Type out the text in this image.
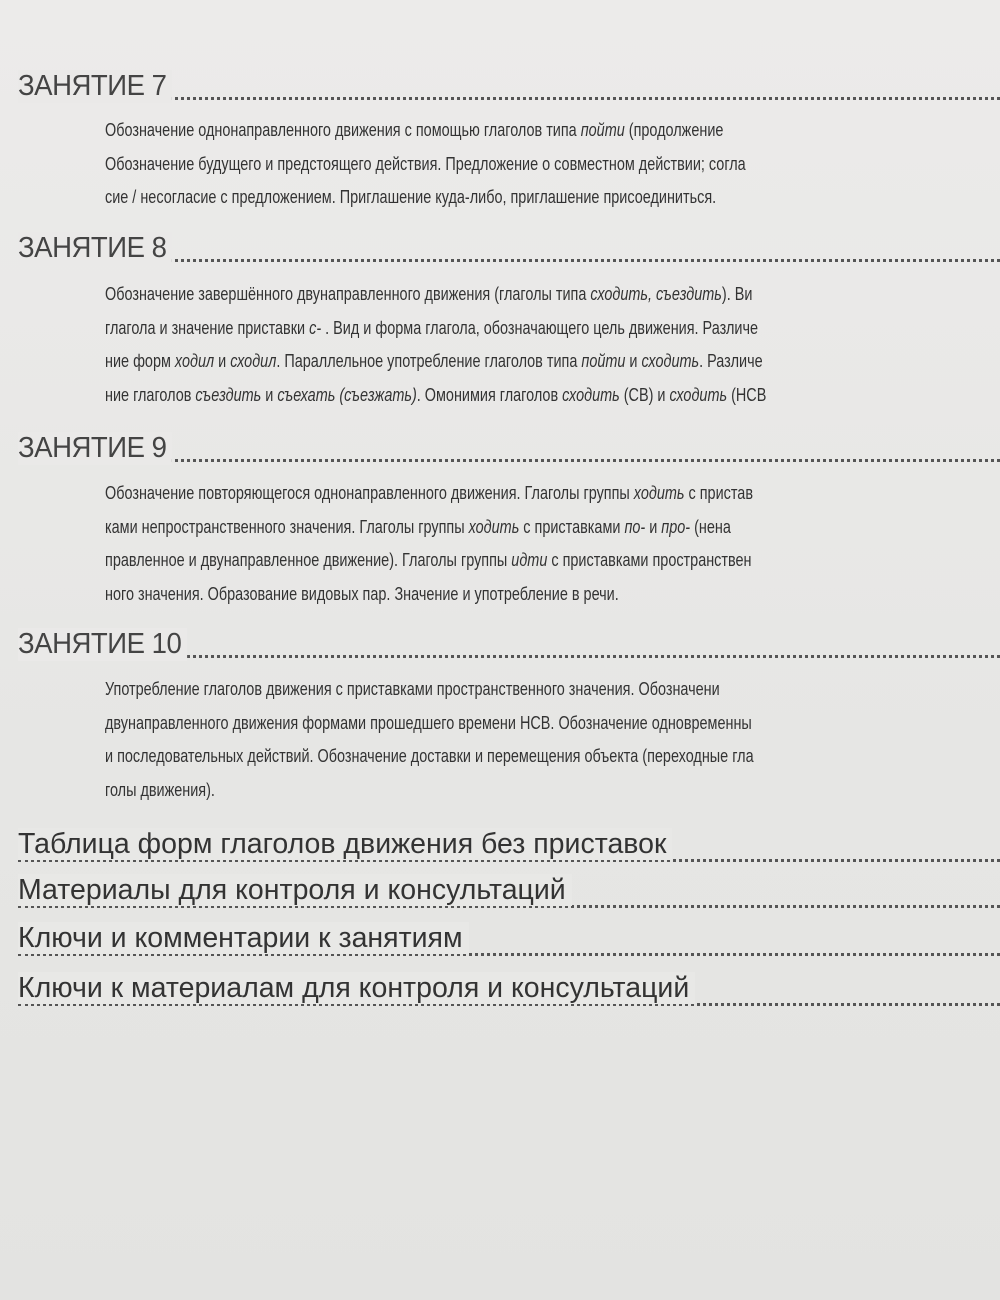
ЗАНЯТИЕ 7
Обозначение однонаправленного движения с помощью глаголов типа пойти (продолжение
Обозначение будущего и предстоящего действия. Предложение о совместном действии; согла
сие / несогласие с предложением. Приглашение куда-либо, приглашение присоединиться.
ЗАНЯТИЕ 8
Обозначение завершённого двунаправленного движения (глаголы типа сходить, съездить). Ви
глагола и значение приставки с- . Вид и форма глагола, обозначающего цель движения. Различе
ние форм ходил и сходил. Параллельное употребление глаголов типа пойти и сходить. Различе
ние глаголов съездить и съехать (съезжать). Омонимия глаголов сходить (СВ) и сходить (НСВ
ЗАНЯТИЕ 9
Обозначение повторяющегося однонаправленного движения. Глаголы группы ходить с пристав
ками непространственного значения. Глаголы группы ходить с приставками по- и про- (нена
правленное и двунаправленное движение). Глаголы группы идти с приставками пространствен
ного значения. Образование видовых пар. Значение и употребление в речи.
ЗАНЯТИЕ 10
Употребление глаголов движения с приставками пространственного значения. Обозначени
двунаправленного движения формами прошедшего времени НСВ. Обозначение одновременны
и последовательных действий. Обозначение доставки и перемещения объекта (переходные гла
голы движения).
Таблица форм глаголов движения без приставок
Материалы для контроля и консультаций
Ключи и комментарии к занятиям
Ключи к материалам для контроля и консультаций
